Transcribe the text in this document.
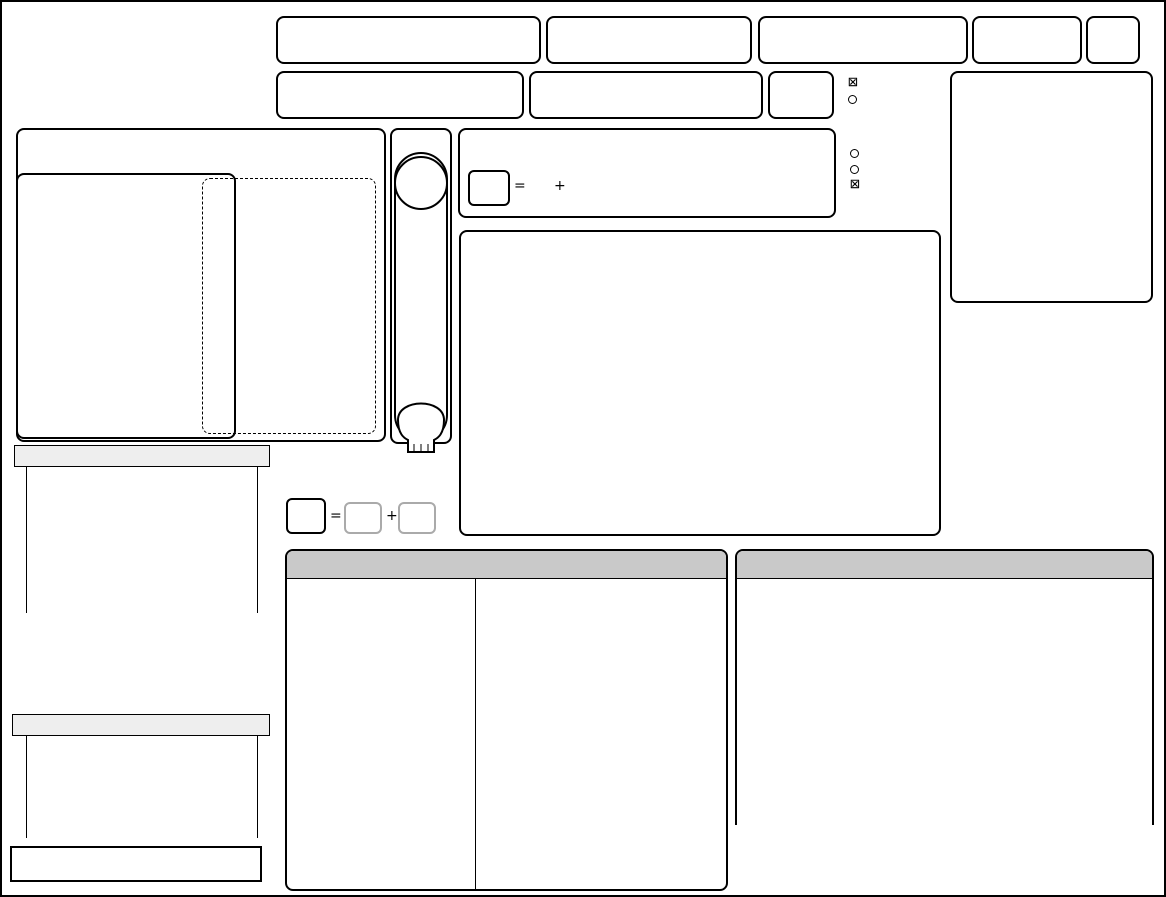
☒
☒
= +
=	+
